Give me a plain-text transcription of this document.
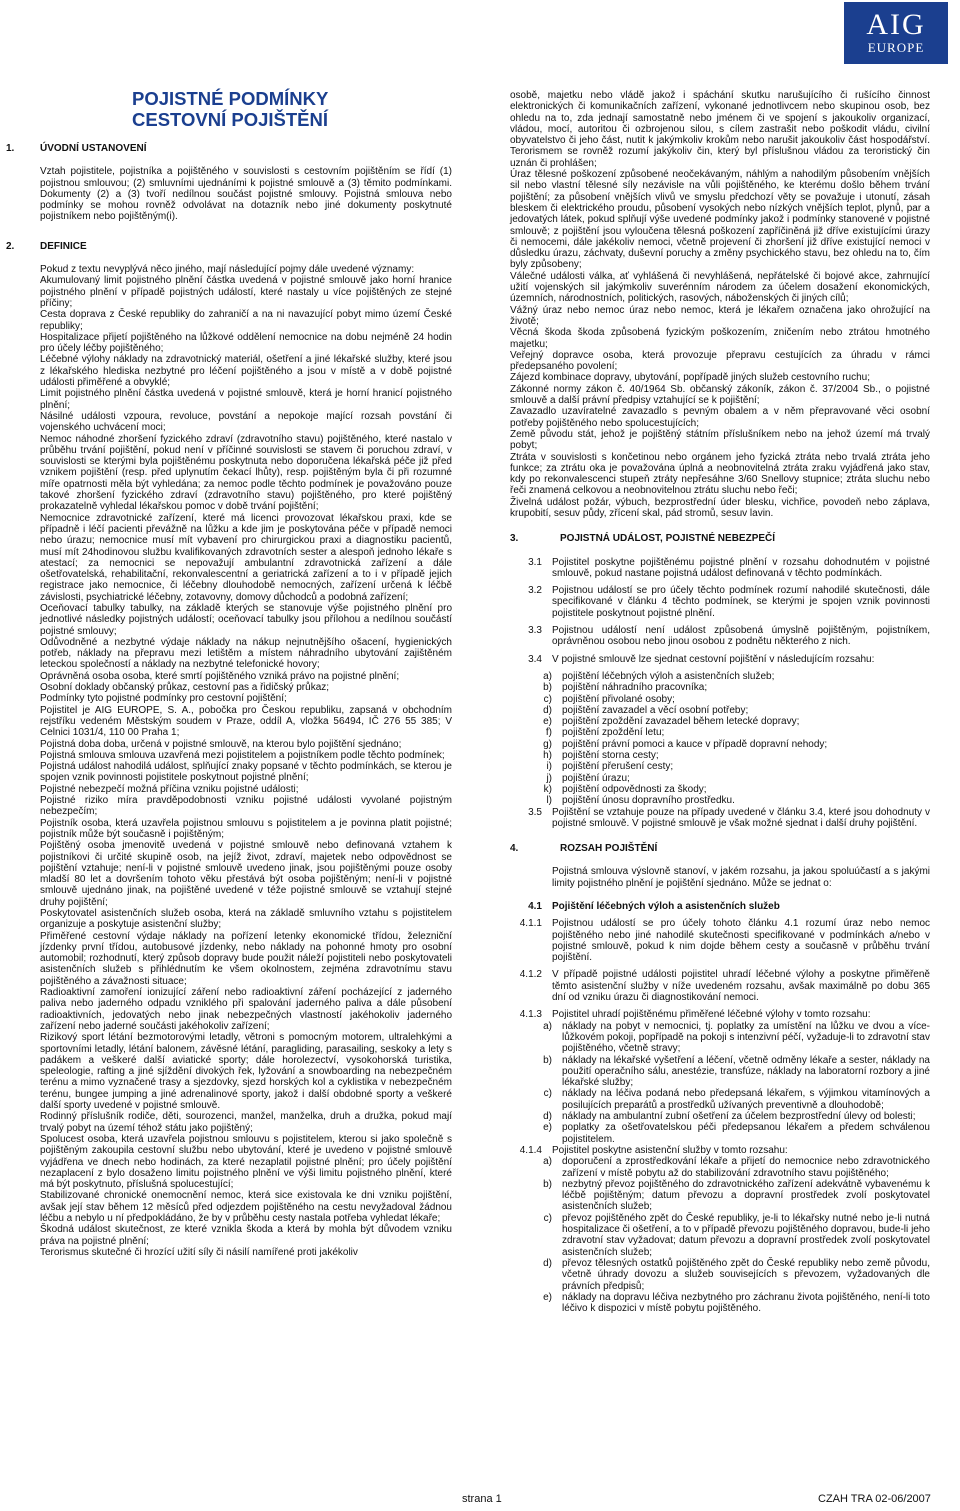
AIG
EUROPE
POJISTNÉ PODMÍNKY
CESTOVNÍ POJIŠTĚNÍ
1.	ÚVODNÍ USTANOVENÍ

Vztah pojistitele, pojistníka a pojištěného v souvislosti s cestovním pojištěním se řídí (1) pojistnou smlouvou; (2) smluvními ujednáními k pojistné smlouvě a (3) těmito podmínkami. Dokumenty (2) a (3) tvoří nedílnou součást pojistné smlouvy. Pojistná smlouva nebo podmínky se mohou rovněž odvolávat na dotazník nebo jiné dokumenty poskytnuté pojistníkem nebo pojištěným(i).

2.	DEFINICE

Pokud z textu nevyplývá něco jiného, mají následující pojmy dále uvedené významy:

Akumulovaný limit pojistného plnění částka uvedená v pojistné smlouvě jako horní hranice pojistného plnění v případě pojistných událostí, které nastaly u více pojištěných ze stejné příčiny;

Cesta doprava z České republiky do zahraničí a na ni navazující pobyt mimo území České republiky;

Hospitalizace přijetí pojištěného na lůžkové oddělení nemocnice na dobu nejméně 24 hodin pro účely léčby pojištěného;

Léčebné výlohy náklady na zdravotnický materiál, ošetření a jiné lékařské služby, které jsou z lékařského hlediska nezbytné pro léčení pojištěného a jsou v místě a v době pojistné události přiměřené a obvyklé;

Limit pojistného plnění částka uvedená v pojistné smlouvě, která je horní hranicí pojistného plnění;

Násilné události vzpoura, revoluce, povstání a nepokoje mající rozsah povstání či vojenského uchvácení moci;

Nemoc náhodné zhoršení fyzického zdraví (zdravotního stavu) pojištěného, které nastalo v průběhu trvání pojištění, pokud není v příčinné souvislosti se stavem či poruchou zdraví, v souvislosti se kterými byla pojištěnému poskytnuta nebo doporučena lékařská péče již před vznikem pojištění (resp. před uplynutím čekací lhůty), resp. pojištěným byla či při rozumné míře opatrnosti měla být vyhledána; za nemoc podle těchto podmínek je považováno pouze takové zhoršení fyzického zdraví (zdravotního stavu) pojištěného, pro které pojištěný prokazatelně vyhledal lékařskou pomoc v době trvání pojištění;

Nemocnice zdravotnické zařízení, které má licenci provozovat lékařskou praxi, kde se případně i léčí pacienti převážně na lůžku a kde jim je poskytována péče v případě nemoci nebo úrazu; nemocnice musí mít vybavení pro chirurgickou praxi a diagnostiku pacientů, musí mít 24hodinovou službu kvalifikovaných zdravotních sester a alespoň jednoho lékaře s atestací; za nemocnici se nepovažují ambulantní zdravotnická zařízení a dále ošetřovatelská, rehabilitační, rekonvalescentní a geriatrická zařízení a to i v případě jejich registrace jako nemocnice, či léčebny dlouhodobě nemocných, zařízení určená k léčbě závislosti, psychiatrické léčebny, zotavovny, domovy důchodců a podobná zařízení;

Oceňovací tabulky tabulky, na základě kterých se stanovuje výše pojistného plnění pro jednotlivé následky pojistných událostí; oceňovací tabulky jsou přílohou a nedílnou součástí pojistné smlouvy;

Odůvodněné a nezbytné výdaje náklady na nákup nejnutnějšího ošacení, hygienických potřeb, náklady na přepravu mezi letištěm a místem náhradního ubytování zajištěném leteckou společností a náklady na nezbytné telefonické hovory;

Oprávněná osoba osoba, které smrtí pojištěného vzniká právo na pojistné plnění;

Osobní doklady občanský průkaz, cestovní pas a řidičský průkaz;

Podmínky tyto pojistné podmínky pro cestovní pojištění;

Pojistitel je AIG EUROPE, S. A., pobočka pro Českou republiku, zapsaná v obchodním rejstříku vedeném Městským soudem v Praze, oddíl A, vložka 56494, IČ 276 55 385; V Celnici 1031/4, 110 00 Praha 1;

Pojistná doba doba, určená v pojistné smlouvě, na kterou bylo pojištění sjednáno;

Pojistná smlouva smlouva uzavřená mezi pojistitelem a pojistníkem podle těchto podmínek;

Pojistná událost nahodilá událost, splňující znaky popsané v těchto podmínkách, se kterou je spojen vznik povinnosti pojistitele poskytnout pojistné plnění;

Pojistné nebezpečí možná příčina vzniku pojistné události;

Pojistné riziko míra pravděpodobnosti vzniku pojistné události vyvolané pojistným nebezpečím;

Pojistník osoba, která uzavřela pojistnou smlouvu s pojistitelem a je povinna platit pojistné; pojistník může být současně i pojištěným;

Pojištěný osoba jmenovitě uvedená v pojistné smlouvě nebo definovaná vztahem k pojistníkovi či určité skupině osob, na jejíž život, zdraví, majetek nebo odpovědnost se pojištění vztahuje; není-li v pojistné smlouvě uvedeno jinak, jsou pojištěnými pouze osoby mladší 80 let a dovršením tohoto věku přestává být osoba pojištěným; není-li v pojistné smlouvě ujednáno jinak, na pojištěné uvedené v téže pojistné smlouvě se vztahují stejné druhy pojištění;

Poskytovatel asistenčních služeb osoba, která na základě smluvního vztahu s pojistitelem organizuje a poskytuje asistenční služby;

Přiměřené cestovní výdaje náklady na pořízení letenky ekonomické třídou, železniční jízdenky první třídou, autobusové jízdenky, nebo náklady na pohonné hmoty pro osobní automobil; rozhodnutí, který způsob dopravy bude použit náleží pojistiteli nebo poskytovateli asistenčních služeb s přihlédnutím ke všem okolnostem, zejména zdravotnímu stavu pojištěného a závažnosti situace;

Radioaktivní zamoření ionizující záření nebo radioaktivní záření pocházející z jaderného paliva nebo jaderného odpadu vzniklého při spalování jaderného paliva a dále působení radioaktivních, jedovatých nebo jinak nebezpečných vlastností jakéhokoliv jaderného zařízení nebo jaderné součásti jakéhokoliv zařízení;

Rizikový sport létání bezmotorovými letadly, větroni s pomocným motorem, ultralehkými a sportovními letadly, létání balonem, závěsné létání, paragliding, parasailing, seskoky a lety s padákem a veškeré další aviatické sporty; dále horolezectví, vysokohorská turistika, speleologie, rafting a jiné sjíždění divokých řek, lyžování a snowboarding na nebezpečném terénu a mimo vyznačené trasy a sjezdovky, sjezd horských kol a cyklistika v nebezpečném terénu, bungee jumping a jiné adrenalinové sporty, jakož i další obdobné sporty a veškeré další sporty uvedené v pojistné smlouvě.

Rodinný příslušník rodiče, děti, sourozenci, manžel, manželka, druh a družka, pokud mají trvalý pobyt na území téhož státu jako pojištěný;

Spolucest osoba, která uzavřela pojistnou smlouvu s pojistitelem, kterou si jako společně s pojištěným zakoupila cestovní službu nebo ubytování, které je uvedeno v pojistné smlouvě vyjádřena ve dnech nebo hodinách, za které nezaplatil pojistné plnění; pro účely pojištění nezaplacení z bylo dosaženo limitu pojistného plnění ve výši limitu pojistného plnění, které má být poskytnuto, příslušná spolucestující;

Stabilizované chronické onemocnění nemoc, která sice existovala ke dni vzniku pojištění, avšak její stav během 12 měsíců před odjezdem pojištěného na cestu nevyžadoval žádnou léčbu a nebylo u ní předpokládáno, že by v průběhu cesty nastala potřeba vyhledat lékaře;

Škodná událost skutečnost, ze které vznikla škoda a která by mohla být důvodem vzniku práva na pojistné plnění;

Terorismus skutečné či hrozící užití síly či násilí namířené proti jakékoliv

osobě, majetku nebo vládě jakož i spáchání skutku narušujícího či rušícího činnost elektronických či komunikačních zařízení, vykonané jednotlivcem nebo skupinou osob, bez ohledu na to, zda jednají samostatně nebo jménem či ve spojení s jakoukoliv organizací, vládou, mocí, autoritou či ozbrojenou silou, s cílem zastrašit nebo poškodit vládu, civilní obyvatelstvo či jeho část, nutit k jakýmkoliv krokům nebo narušit jakoukoliv část hospodářství. Terorismem se rovněž rozumí jakýkoliv čin, který byl příslušnou vládou za teroristický čin uznán či prohlášen;

Úraz tělesné poškození způsobené neočekávaným, náhlým a nahodilým působením vnějších sil nebo vlastní tělesné síly nezávisle na vůli pojištěného, ke kterému došlo během trvání pojištění; za působení vnějších vlivů ve smyslu předchozí věty se považuje i utonutí, zásah bleskem či elektrického proudu, působení vysokých nebo nízkých vnějších teplot, plynů, par a jedovatých látek, pokud splňují výše uvedené podmínky jakož i podmínky stanovené v pojistné smlouvě; z pojištění jsou vyloučena tělesná poškození zapříčiněná již dříve existujícími úrazy či nemocemi, dále jakékoliv nemoci, včetně projevení či zhoršení již dříve existující nemoci v důsledku úrazu, záchvaty, duševní poruchy a změny psychického stavu, bez ohledu na to, čím byly způsobeny;

Válečné události válka, ať vyhlášená či nevyhlášená, nepřátelské či bojové akce, zahrnující užití vojenských sil jakýmkoliv suverénním národem za účelem dosažení ekonomických, územních, národnostních, politických, rasových, náboženských či jiných cílů;

Vážný úraz nebo nemoc úraz nebo nemoc, která je lékařem označena jako ohrožující na životě;

Věcná škoda škoda způsobená fyzickým poškozením, zničením nebo ztrátou hmotného majetku;

Veřejný dopravce osoba, která provozuje přepravu cestujících za úhradu v rámci předepsaného povolení;

Zájezd kombinace dopravy, ubytování, popřípadě jiných služeb cestovního ruchu;

Zákonné normy zákon č. 40/1964 Sb. občanský zákoník, zákon č. 37/2004 Sb., o pojistné smlouvě a další právní předpisy vztahující se k pojištění;

Zavazadlo uzavíratelné zavazadlo s pevným obalem a v něm přepravované věci osobní potřeby pojištěného nebo spolucestujících;

Země původu stát, jehož je pojištěný státním příslušníkem nebo na jehož území má trvalý pobyt;

Ztráta v souvislosti s končetinou nebo orgánem jeho fyzická ztráta nebo trvalá ztráta jeho funkce; za ztrátu oka je považována úplná a neobnovitelná ztráta zraku vyjádřená jako stav, kdy po rekonvalescenci stupeň ztráty nepřesáhne 3/60 Snellovy stupnice; ztráta sluchu nebo řeči znamená celkovou a neobnovitelnou ztrátu sluchu nebo řeči;

Živelná událost požár, výbuch, bezprostřední úder blesku, vichřice, povodeň nebo záplava, krupobití, sesuv půdy, zřícení skal, pád stromů, sesuv lavin.

3.	POJISTNÁ UDÁLOST, POJISTNÉ NEBEZPEČÍ
3.1	Pojistitel poskytne pojištěnému pojistné plnění v rozsahu dohodnutém v pojistné smlouvě, pokud nastane pojistná událost definovaná v těchto podmínkách.
3.2	Pojistnou událostí se pro účely těchto podmínek rozumí nahodilé skutečnosti, dále specifikované v článku 4 těchto podmínek, se kterými je spojen vznik povinnosti pojistitele poskytnout pojistné plnění.
3.3	Pojistnou událostí není událost způsobená úmyslně pojištěným, pojistníkem, oprávněnou osobou nebo jinou osobou z podnětu některého z nich.
3.4	V pojistné smlouvě lze sjednat cestovní pojištění v následujícím rozsahu:
a)	pojištění léčebných výloh a asistenčních služeb;
b)	pojištění náhradního pracovníka;
c)	pojištění přivolané osoby;
d)	pojištění zavazadel a věcí osobní potřeby;
e)	pojištění zpoždění zavazadel během letecké dopravy;
f)	pojištění zpoždění letu;
g)	pojištění právní pomoci a kauce v případě dopravní nehody;
h)	pojištění storna cesty;
i)	pojištění přerušení cesty;
j)	pojištění úrazu;
k)	pojištění odpovědnosti za škody;
l)	pojištění únosu dopravního prostředku.
3.5	Pojištění se vztahuje pouze na případy uvedené v článku 3.4, které jsou dohodnuty v pojistné smlouvě. V pojistné smlouvě je však možné sjednat i další druhy pojištění.
4.	ROZSAH POJIŠTĚNÍ
Pojistná smlouva výslovně stanoví, v jakém rozsahu, ja jakou spoluúčastí a s jakými limity pojistného plnění je pojištění sjednáno. Může se jednat o:
4.1	Pojištění léčebných výloh a asistenčních služeb
4.1.1	Pojistnou událostí se pro účely tohoto článku 4.1 rozumí úraz nebo nemoc pojištěného nebo jiné nahodilé skutečnosti specifikované v podmínkách a/nebo v pojistné smlouvě, pokud k nim dojde během cesty a současně v průběhu trvání pojištění.
4.1.2	V případě pojistné události pojistitel uhradí léčebné výlohy a poskytne přiměřeně těmto asistenční služby v níže uvedeném rozsahu, avšak maximálně po dobu 365 dní od vzniku úrazu či diagnostikování nemoci.
4.1.3	Pojistitel uhradí pojištěnému přiměřené léčebné výlohy v tomto rozsahu:
a)	náklady na pobyt v nemocnici, tj. poplatky za umístění na lůžku ve dvou a více-lůžkovém pokoji, popřípadě na pokoji s intenzivní péčí, vyžaduje-li to zdravotní stav pojištěného, včetně stravy;
b)	náklady na lékařské vyšetření a léčení, včetně odměny lékaře a sester, náklady na použití operačního sálu, anestézie, transfúze, náklady na laboratorní rozbory a jiné lékařské služby;
c)	náklady na léčiva podaná nebo předepsaná lékařem, s výjimkou vitamínových a posilujících preparátů a prostředků užívaných preventivně a dlouhodobě;
d)	náklady na ambulantní zubní ošetření za účelem bezprostřední úlevy od bolesti;
e)	poplatky za ošetřovatelskou péči předepsanou lékařem a předem schválenou pojistitelem.
4.1.4	Pojistitel poskytne asistenční služby v tomto rozsahu:
a)	doporučení a zprostředkování lékaře a přijetí do nemocnice nebo zdravotnického zařízení v místě pobytu až do stabilizování zdravotního stavu pojištěného;
b)	nezbytný převoz pojištěného do zdravotnického zařízení adekvátně vybavenému k léčbě pojištěným; datum převozu a dopravní prostředek zvolí poskytovatel asistenčních služeb;
c)	převoz pojištěného zpět do České republiky, je-li to lékařsky nutné nebo je-li nutná hospitalizace či ošetření, a to v případě převozu pojištěného dopravou, bude-li jeho zdravotní stav vyžadovat; datum převozu a dopravní prostředek zvolí poskytovatel asistenčních služeb;
d)	převoz tělesných ostatků pojištěného zpět do České republiky nebo země původu, včetně úhrady dovozu a služeb souvisejících s převozem, vyžadovaných dle právních předpisů;
e)	náklady na dopravu léčiva nezbytného pro záchranu života pojištěného, není-li toto léčivo k dispozici v místě pobytu pojištěného.
strana 1	CZAH TRA 02-06/2007
